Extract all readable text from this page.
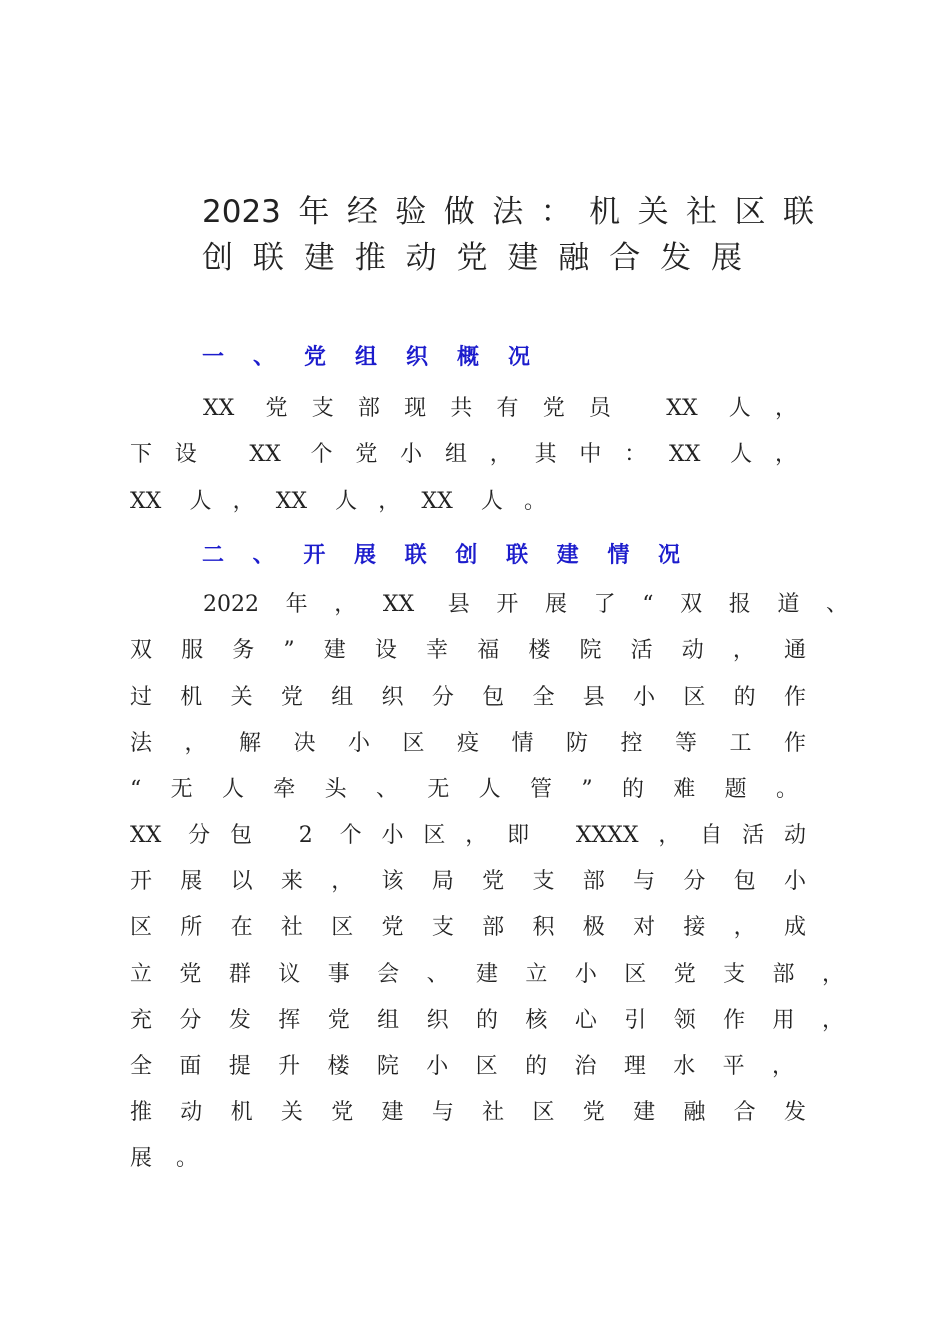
2023年经验做法：机关社区联
创联建推动党建融合发展
一、党组织概况
XX 党支部现共有党员 XX 人，
下设 XX 个党小组，其中：XX 人，
XX 人，XX 人，XX 人。
二、开展联创联建情况
2022年，XX 县开展了“双报道、
双服务”建设幸福楼院活动，通
过机关党组织分包全县小区的作
法，解决小区疫情防控等工作
“无人牵头、无人管”的难题。
XX 分包 2 个小区，即 XXXX，自活动
开展以来，该局党支部与分包小
区所在社区党支部积极对接，成
立党群议事会、建立小区党支部，
充分发挥党组织的核心引领作用，
全面提升楼院小区的治理水平，
推动机关党建与社区党建融合发
展。
